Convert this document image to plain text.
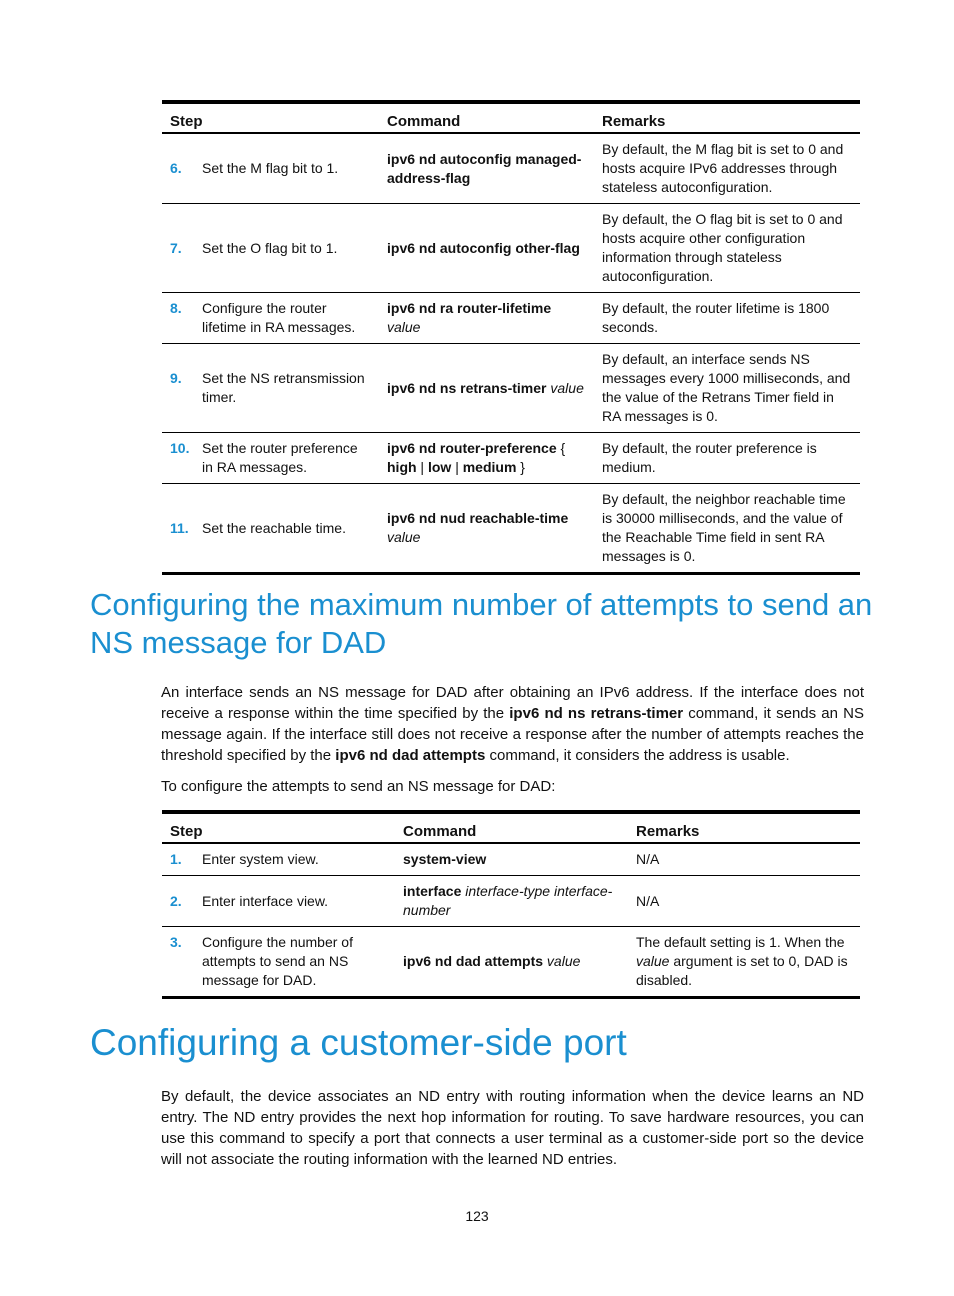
Step	Command	Remarks
6. Set the M flag bit to 1.	ipv6 nd autoconfig managed-address-flag	By default, the M flag bit is set to 0 and hosts acquire IPv6 addresses through stateless autoconfiguration.
7. Set the O flag bit to 1.	ipv6 nd autoconfig other-flag	By default, the O flag bit is set to 0 and hosts acquire other configuration information through stateless autoconfiguration.
8. Configure the router lifetime in RA messages.	ipv6 nd ra router-lifetime value	By default, the router lifetime is 1800 seconds.
9. Set the NS retransmission timer.	ipv6 nd ns retrans-timer value	By default, an interface sends NS messages every 1000 milliseconds, and the value of the Retrans Timer field in RA messages is 0.
10. Set the router preference in RA messages.	ipv6 nd router-preference { high | low | medium }	By default, the router preference is medium.
11. Set the reachable time.	ipv6 nd nud reachable-time value	By default, the neighbor reachable time is 30000 milliseconds, and the value of the Reachable Time field in sent RA messages is 0.
Configuring the maximum number of attempts to send an NS message for DAD

An interface sends an NS message for DAD after obtaining an IPv6 address. If the interface does not receive a response within the time specified by the ipv6 nd ns retrans-timer command, it sends an NS message again. If the interface still does not receive a response after the number of attempts reaches the threshold specified by the ipv6 nd dad attempts command, it considers the address is usable.

To configure the attempts to send an NS message for DAD:

Step	Command	Remarks
1. Enter system view.	system-view	N/A
2. Enter interface view.	interface interface-type interface-number	N/A
3. Configure the number of attempts to send an NS message for DAD.	ipv6 nd dad attempts value	The default setting is 1. When the value argument is set to 0, DAD is disabled.
Configuring a customer-side port

By default, the device associates an ND entry with routing information when the device learns an ND entry. The ND entry provides the next hop information for routing. To save hardware resources, you can use this command to specify a port that connects a user terminal as a customer-side port so the device will not associate the routing information with the learned ND entries.

123
